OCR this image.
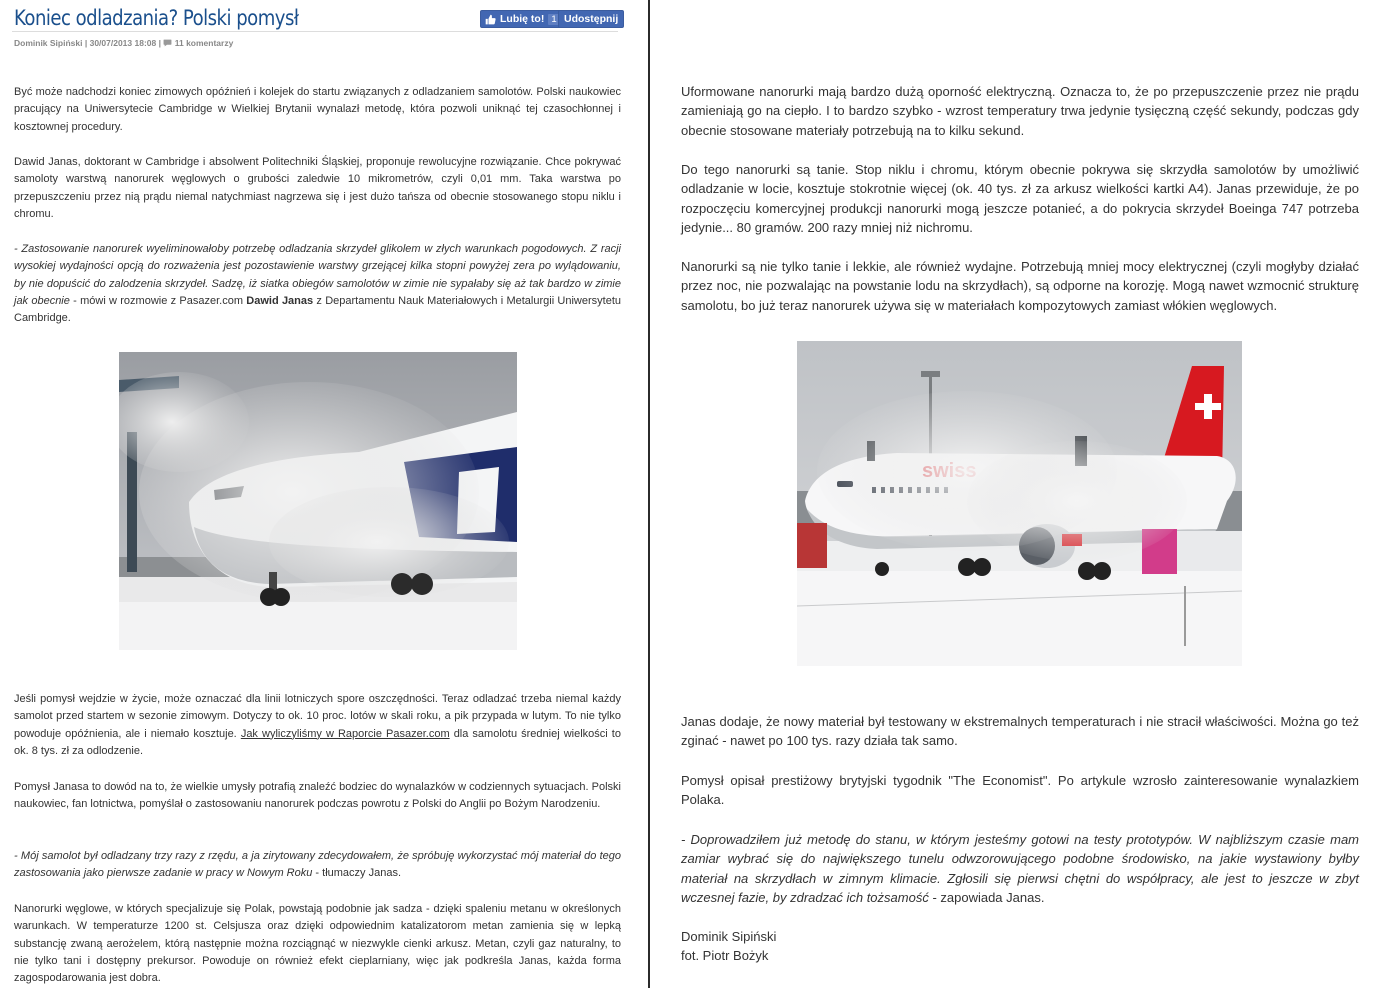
Koniec odladzania? Polski pomysł	Lubię to! 1 Udostępnij
Dominik Sipiński | 30/07/2013 18:08 | 11 komentarzy

Być może nadchodzi koniec zimowych opóźnień i kolejek do startu związanych z odladzaniem samolotów. Polski naukowiec pracujący na Uniwersytecie Cambridge w Wielkiej Brytanii wynalazł metodę, która pozwoli uniknąć tej czasochłonnej i kosztownej procedury.

Dawid Janas, doktorant w Cambridge i absolwent Politechniki Śląskiej, proponuje rewolucyjne rozwiązanie. Chce pokrywać samoloty warstwą nanorurek węglowych o grubości zaledwie 10 mikrometrów, czyli 0,01 mm. Taka warstwa po przepuszczeniu przez nią prądu niemal natychmiast nagrzewa się i jest dużo tańsza od obecnie stosowanego stopu niklu i chromu.

- Zastosowanie nanorurek wyeliminowałoby potrzebę odladzania skrzydeł glikolem w złych warunkach pogodowych. Z racji wysokiej wydajności opcją do rozważenia jest pozostawienie warstwy grzejącej kilka stopni powyżej zera po wylądowaniu, by nie dopuścić do zalodzenia skrzydeł. Sadzę, iż siatka obiegów samolotów w zimie nie sypałaby się aż tak bardzo w zimie jak obecnie - mówi w rozmowie z Pasazer.com Dawid Janas z Departamentu Nauk Materiałowych i Metalurgii Uniwersytetu Cambridge.

Jeśli pomysł wejdzie w życie, może oznaczać dla linii lotniczych spore oszczędności. Teraz odladzać trzeba niemal każdy samolot przed startem w sezonie zimowym. Dotyczy to ok. 10 proc. lotów w skali roku, a pik przypada w lutym. To nie tylko powoduje opóźnienia, ale i niemało kosztuje. Jak wyliczyliśmy w Raporcie Pasazer.com dla samolotu średniej wielkości to ok. 8 tys. zł za odlodzenie.

Pomysł Janasa to dowód na to, że wielkie umysły potrafią znaleźć bodziec do wynalazków w codziennych sytuacjach. Polski naukowiec, fan lotnictwa, pomyślał o zastosowaniu nanorurek podczas powrotu z Polski do Anglii po Bożym Narodzeniu.

- Mój samolot był odladzany trzy razy z rzędu, a ja zirytowany zdecydowałem, że spróbuję wykorzystać mój materiał do tego zastosowania jako pierwsze zadanie w pracy w Nowym Roku - tłumaczy Janas.

Nanorurki węglowe, w których specjalizuje się Polak, powstają podobnie jak sadza - dzięki spaleniu metanu w określonych warunkach. W temperaturze 1200 st. Celsjusza oraz dzięki odpowiednim katalizatorom metan zamienia się w lepką substancję zwaną aerożelem, którą następnie można rozciągnąć w niezwykle cienki arkusz. Metan, czyli gaz naturalny, to nie tylko tani i dostępny prekursor. Powoduje on również efekt cieplarniany, więc jak podkreśla Janas, każda forma zagospodarowania jest dobra.

Uformowane nanorurki mają bardzo dużą oporność elektryczną. Oznacza to, że po przepuszczenie przez nie prądu zamieniają go na ciepło. I to bardzo szybko - wzrost temperatury trwa jedynie tysięczną część sekundy, podczas gdy obecnie stosowane materiały potrzebują na to kilku sekund.

Do tego nanorurki są tanie. Stop niklu i chromu, którym obecnie pokrywa się skrzydła samolotów by umożliwić odladzanie w locie, kosztuje stokrotnie więcej (ok. 40 tys. zł za arkusz wielkości kartki A4). Janas przewiduje, że po rozpoczęciu komercyjnej produkcji nanorurki mogą jeszcze potanieć, a do pokrycia skrzydeł Boeinga 747 potrzeba jedynie... 80 gramów. 200 razy mniej niż nichromu.

Nanorurki są nie tylko tanie i lekkie, ale również wydajne. Potrzebują mniej mocy elektrycznej (czyli mogłyby działać przez noc, nie pozwalając na powstanie lodu na skrzydłach), są odporne na korozję. Mogą nawet wzmocnić strukturę samolotu, bo już teraz nanorurek używa się w materiałach kompozytowych zamiast włókien węglowych.

Janas dodaje, że nowy materiał był testowany w ekstremalnych temperaturach i nie stracił właściwości. Można go też zginać - nawet po 100 tys. razy działa tak samo.

Pomysł opisał prestiżowy brytyjski tygodnik "The Economist". Po artykule wzrosło zainteresowanie wynalazkiem Polaka.

- Doprowadziłem już metodę do stanu, w którym jesteśmy gotowi na testy prototypów. W najbliższym czasie mam zamiar wybrać się do największego tunelu odwzorowującego podobne środowisko, na jakie wystawiony byłby materiał na skrzydłach w zimnym klimacie. Zgłosili się pierwsi chętni do współpracy, ale jest to jeszcze w zbyt wczesnej fazie, by zdradzać ich tożsamość - zapowiada Janas.

Dominik Sipiński

fot. Piotr Bożyk
